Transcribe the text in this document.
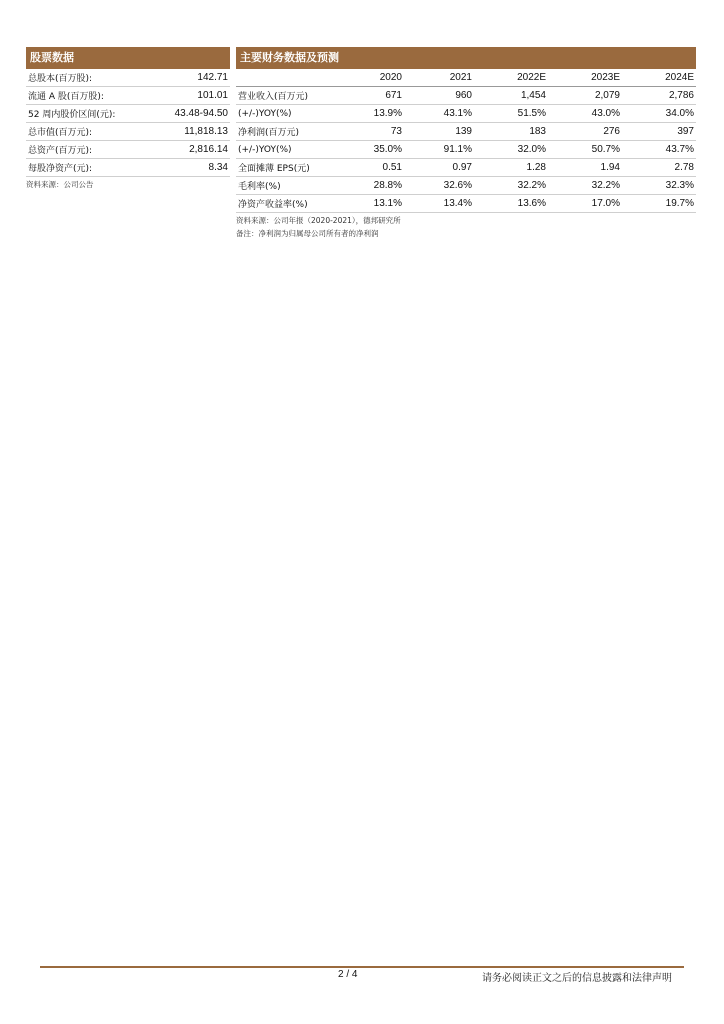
股票数据
总股本(百万股):	142.71
流通 A 股(百万股):	101.01
52 周内股价区间(元):	43.48-94.50
总市值(百万元):	11,818.13
总资产(百万元):	2,816.14
每股净资产(元):	8.34
资料来源：公司公告
主要财务数据及预测
	2020	2021	2022E	2023E	2024E
营业收入(百万元)	671	960	1,454	2,079	2,786
(+/-)YOY(%)	13.9%	43.1%	51.5%	43.0%	34.0%
净利润(百万元)	73	139	183	276	397
(+/-)YOY(%)	35.0%	91.1%	32.0%	50.7%	43.7%
全面摊薄 EPS(元)	0.51	0.97	1.28	1.94	2.78
毛利率(%)	28.8%	32.6%	32.2%	32.2%	32.3%
净资产收益率(%)	13.1%	13.4%	13.6%	17.0%	19.7%
资料来源：公司年报（2020-2021），德邦研究所
备注：净利润为归属母公司所有者的净利润
2 / 4	请务必阅读正文之后的信息披露和法律声明
